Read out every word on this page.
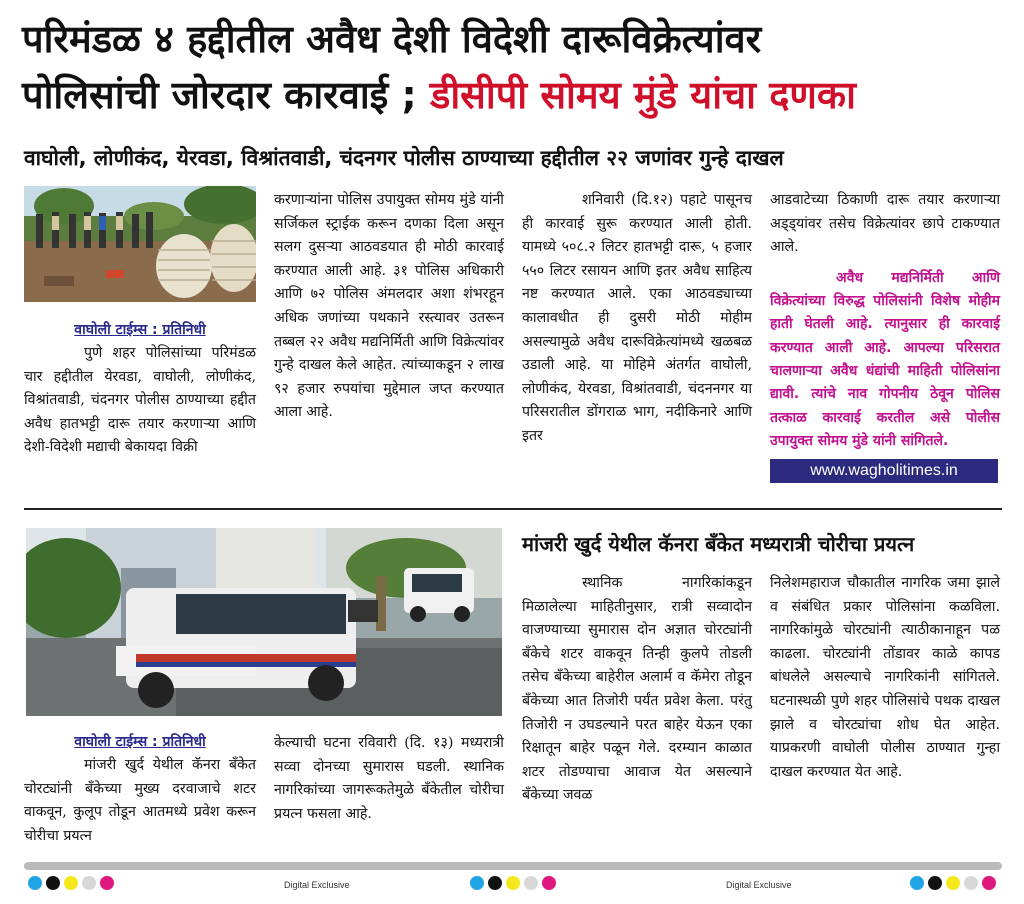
परिमंडळ ४ हद्दीतील अवैध देशी विदेशी दारूविक्रेत्यांवर
पोलिसांची जोरदार कारवाई ; डीसीपी सोमय मुंडे यांचा दणका
वाघोली, लोणीकंद, येरवडा, विश्रांतवाडी, चंदनगर पोलीस ठाण्याच्या हद्दीतील २२ जणांवर गुन्हे दाखल
वाघोली टाईम्स : प्रतिनिधी

पुणे शहर पोलिसांच्या परिमंडळ चार हद्दीतील येरवडा, वाघोली, लोणीकंद, विश्रांतवाडी, चंदनगर पोलीस ठाण्याच्या हद्दीत अवैध हातभट्टी दारू तयार करणाऱ्या आणि देशी-विदेशी मद्याची बेकायदा विक्री

करणाऱ्यांना पोलिस उपायुक्त सोमय मुंडे यांनी सर्जिकल स्ट्राईक करून दणका दिला असून सलग दुसऱ्या आठवडयात ही मोठी कारवाई करण्यात आली आहे. ३१ पोलिस अधिकारी आणि ७२ पोलिस अंमलदार अशा शंभरहून अधिक जणांच्या पथकाने रस्त्यावर उतरून तब्बल २२ अवैध मद्यनिर्मिती आणि विक्रेत्यांवर गुन्हे दाखल केले आहेत. त्यांच्याकडून २ लाख ९२ हजार रुपयांचा मुद्देमाल जप्त करण्यात आला आहे.

शनिवारी (दि.१२) पहाटे पासूनच ही कारवाई सुरू करण्यात आली होती. यामध्ये ५०८.२ लिटर हातभट्टी दारू, ५ हजार ५५० लिटर रसायन आणि इतर अवैध साहित्य नष्ट करण्यात आले. एका आठवड्याच्या कालावधीत ही दुसरी मोठी मोहीम असल्यामुळे अवैध दारूविक्रेत्यांमध्ये खळबळ उडाली आहे. या मोहिमे अंतर्गत वाघोली, लोणीकंद, येरवडा, विश्रांतवाडी, चंदननगर या परिसरातील डोंगराळ भाग, नदीकिनारे आणि इतर

आडवाटेच्या ठिकाणी दारू तयार करणाऱ्या अड्ड्यांवर तसेच विक्रेत्यांवर छापे टाकण्यात आले.

अवैध मद्यनिर्मिती आणि विक्रेत्यांच्या विरुद्ध पोलिसांनी विशेष मोहीम हाती घेतली आहे. त्यानुसार ही कारवाई करण्यात आली आहे. आपल्या परिसरात चालणाऱ्या अवैध धंद्यांची माहिती पोलिसांना द्यावी. त्यांचे नाव गोपनीय ठेवून पोलिस तत्काळ कारवाई करतील असे पोलीस उपायुक्त सोमय मुंडे यांनी सांगितले.
www.wagholitimes.in
मांजरी खुर्द येथील कॅनरा बँकेत मध्यरात्री चोरीचा प्रयत्न
वाघोली टाईम्स : प्रतिनिधी

मांजरी खुर्द येथील कॅनरा बँकेत चोरट्यांनी बँकेच्या मुख्य दरवाजाचे शटर वाकवून, कुलूप तोडून आतमध्ये प्रवेश करून चोरीचा प्रयत्न

केल्याची घटना रविवारी (दि. १३) मध्यरात्री सव्वा दोनच्या सुमारास घडली. स्थानिक नागरिकांच्या जागरूकतेमुळे बँकेतील चोरीचा प्रयत्न फसला आहे.

स्थानिक नागरिकांकडून मिळालेल्या माहितीनुसार, रात्री सव्वादोन वाजण्याच्या सुमारास दोन अज्ञात चोरट्यांनी बँकेचे शटर वाकवून तिन्ही कुलपे तोडली तसेच बँकेच्या बाहेरील अलार्म व कॅमेरा तोडून बँकेच्या आत तिजोरी पर्यंत प्रवेश केला. परंतु तिजोरी न उघडल्याने परत बाहेर येऊन एका रिक्षातून बाहेर पळून गेले. दरम्यान काळात शटर तोडण्याचा आवाज येत असल्याने बँकेच्या जवळ

निलेशमहाराज चौकातील नागरिक जमा झाले व संबंधित प्रकार पोलिसांना कळविला. नागरिकांमुळे चोरट्यांनी त्याठीकानाहून पळ काढला. चोरट्यांनी तोंडावर काळे कापड बांधलेले असल्याचे नागरिकांनी सांगितले. घटनास्थळी पुणे शहर पोलिसांचे पथक दाखल झाले व चोरट्यांचा शोध घेत आहेत. याप्रकरणी वाघोली पोलीस ठाण्यात गुन्हा दाखल करण्यात येत आहे.

Digital Exclusive	Digital Exclusive
